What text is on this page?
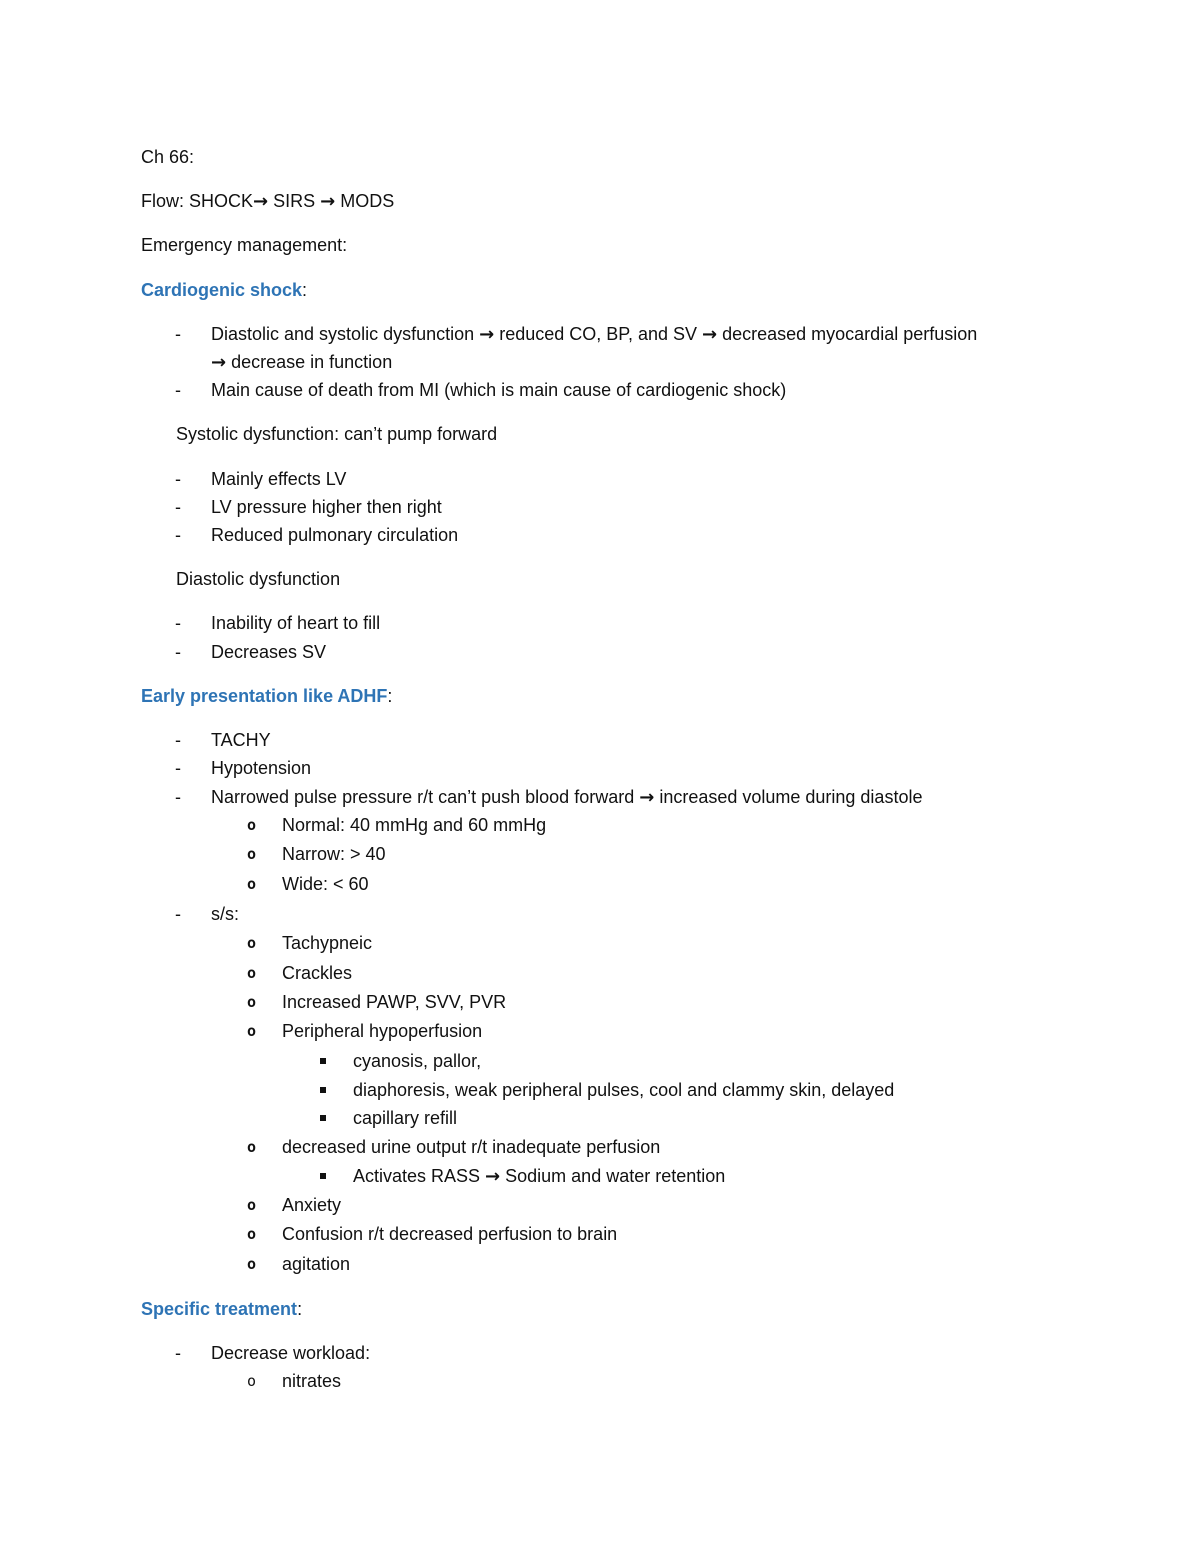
Ch 66:
Flow: SHOCK→ SIRS → MODS
Emergency management:
Cardiogenic shock:
- Diastolic and systolic dysfunction → reduced CO, BP, and SV → decreased myocardial perfusion
→ decrease in function
- Main cause of death from MI (which is main cause of cardiogenic shock)
Systolic dysfunction: can’t pump forward
- Mainly effects LV
- LV pressure higher then right
- Reduced pulmonary circulation
Diastolic dysfunction
- Inability of heart to fill
- Decreases SV
Early presentation like ADHF:
- TACHY
- Hypotension
- Narrowed pulse pressure r/t can’t push blood forward → increased volume during diastole
o Normal: 40 mmHg and 60 mmHg
o Narrow: > 40
o Wide: < 60
- s/s:
o Tachypneic
o Crackles
o Increased PAWP, SVV, PVR
o Peripheral hypoperfusion
cyanosis, pallor,
diaphoresis, weak peripheral pulses, cool and clammy skin, delayed
capillary refill
o decreased urine output r/t inadequate perfusion
Activates RASS → Sodium and water retention
o Anxiety
o Confusion r/t decreased perfusion to brain
o agitation
Specific treatment:
- Decrease workload:
o nitrates
